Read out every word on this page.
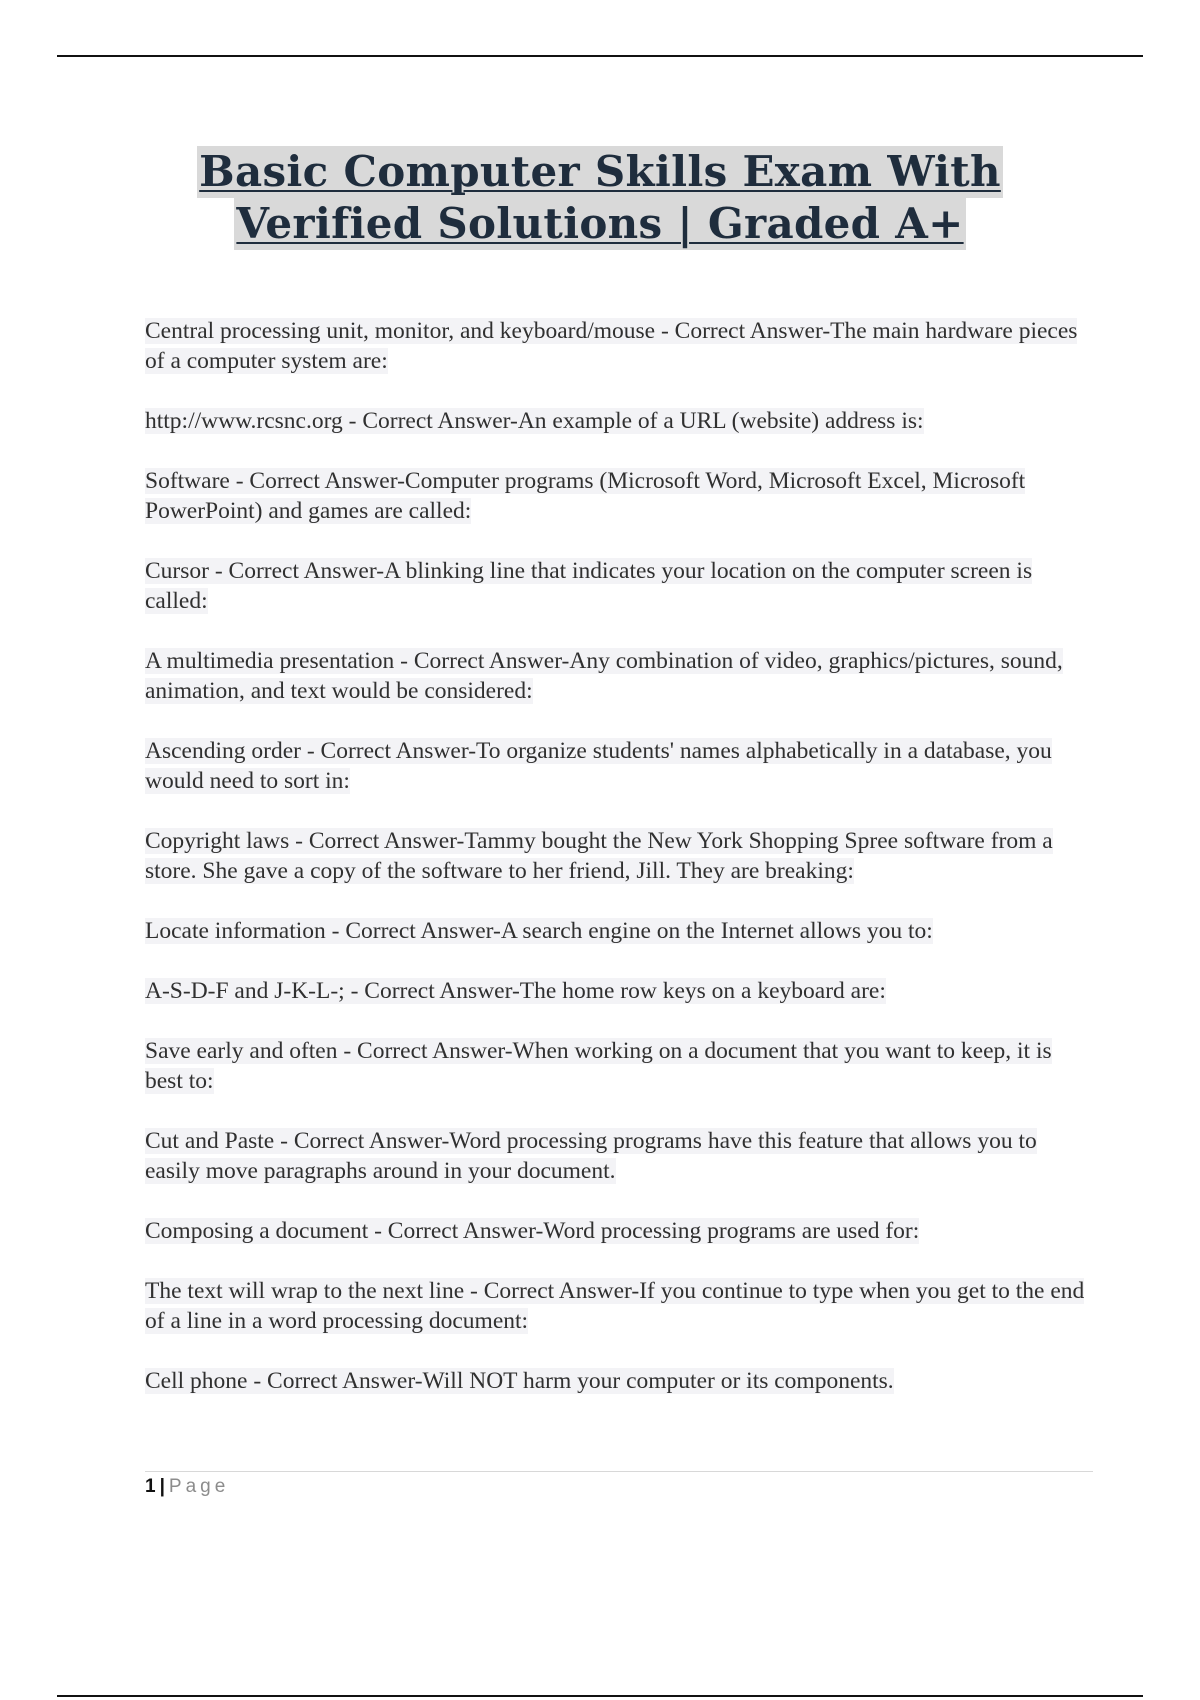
Basic Computer Skills Exam With
Verified Solutions | Graded A+
Central processing unit, monitor, and keyboard/mouse - Correct Answer-The main hardware pieces of a computer system are:
http://www.rcsnc.org - Correct Answer-An example of a URL (website) address is:
Software - Correct Answer-Computer programs (Microsoft Word, Microsoft Excel, Microsoft PowerPoint) and games are called:
Cursor - Correct Answer-A blinking line that indicates your location on the computer screen is called:
A multimedia presentation - Correct Answer-Any combination of video, graphics/pictures, sound, animation, and text would be considered:
Ascending order - Correct Answer-To organize students' names alphabetically in a database, you would need to sort in:
Copyright laws - Correct Answer-Tammy bought the New York Shopping Spree software from a store. She gave a copy of the software to her friend, Jill. They are breaking:
Locate information - Correct Answer-A search engine on the Internet allows you to:
A-S-D-F and J-K-L-; - Correct Answer-The home row keys on a keyboard are:
Save early and often - Correct Answer-When working on a document that you want to keep, it is best to:
Cut and Paste - Correct Answer-Word processing programs have this feature that allows you to easily move paragraphs around in your document.
Composing a document - Correct Answer-Word processing programs are used for:
The text will wrap to the next line - Correct Answer-If you continue to type when you get to the end of a line in a word processing document:
Cell phone - Correct Answer-Will NOT harm your computer or its components.
1 | Page
